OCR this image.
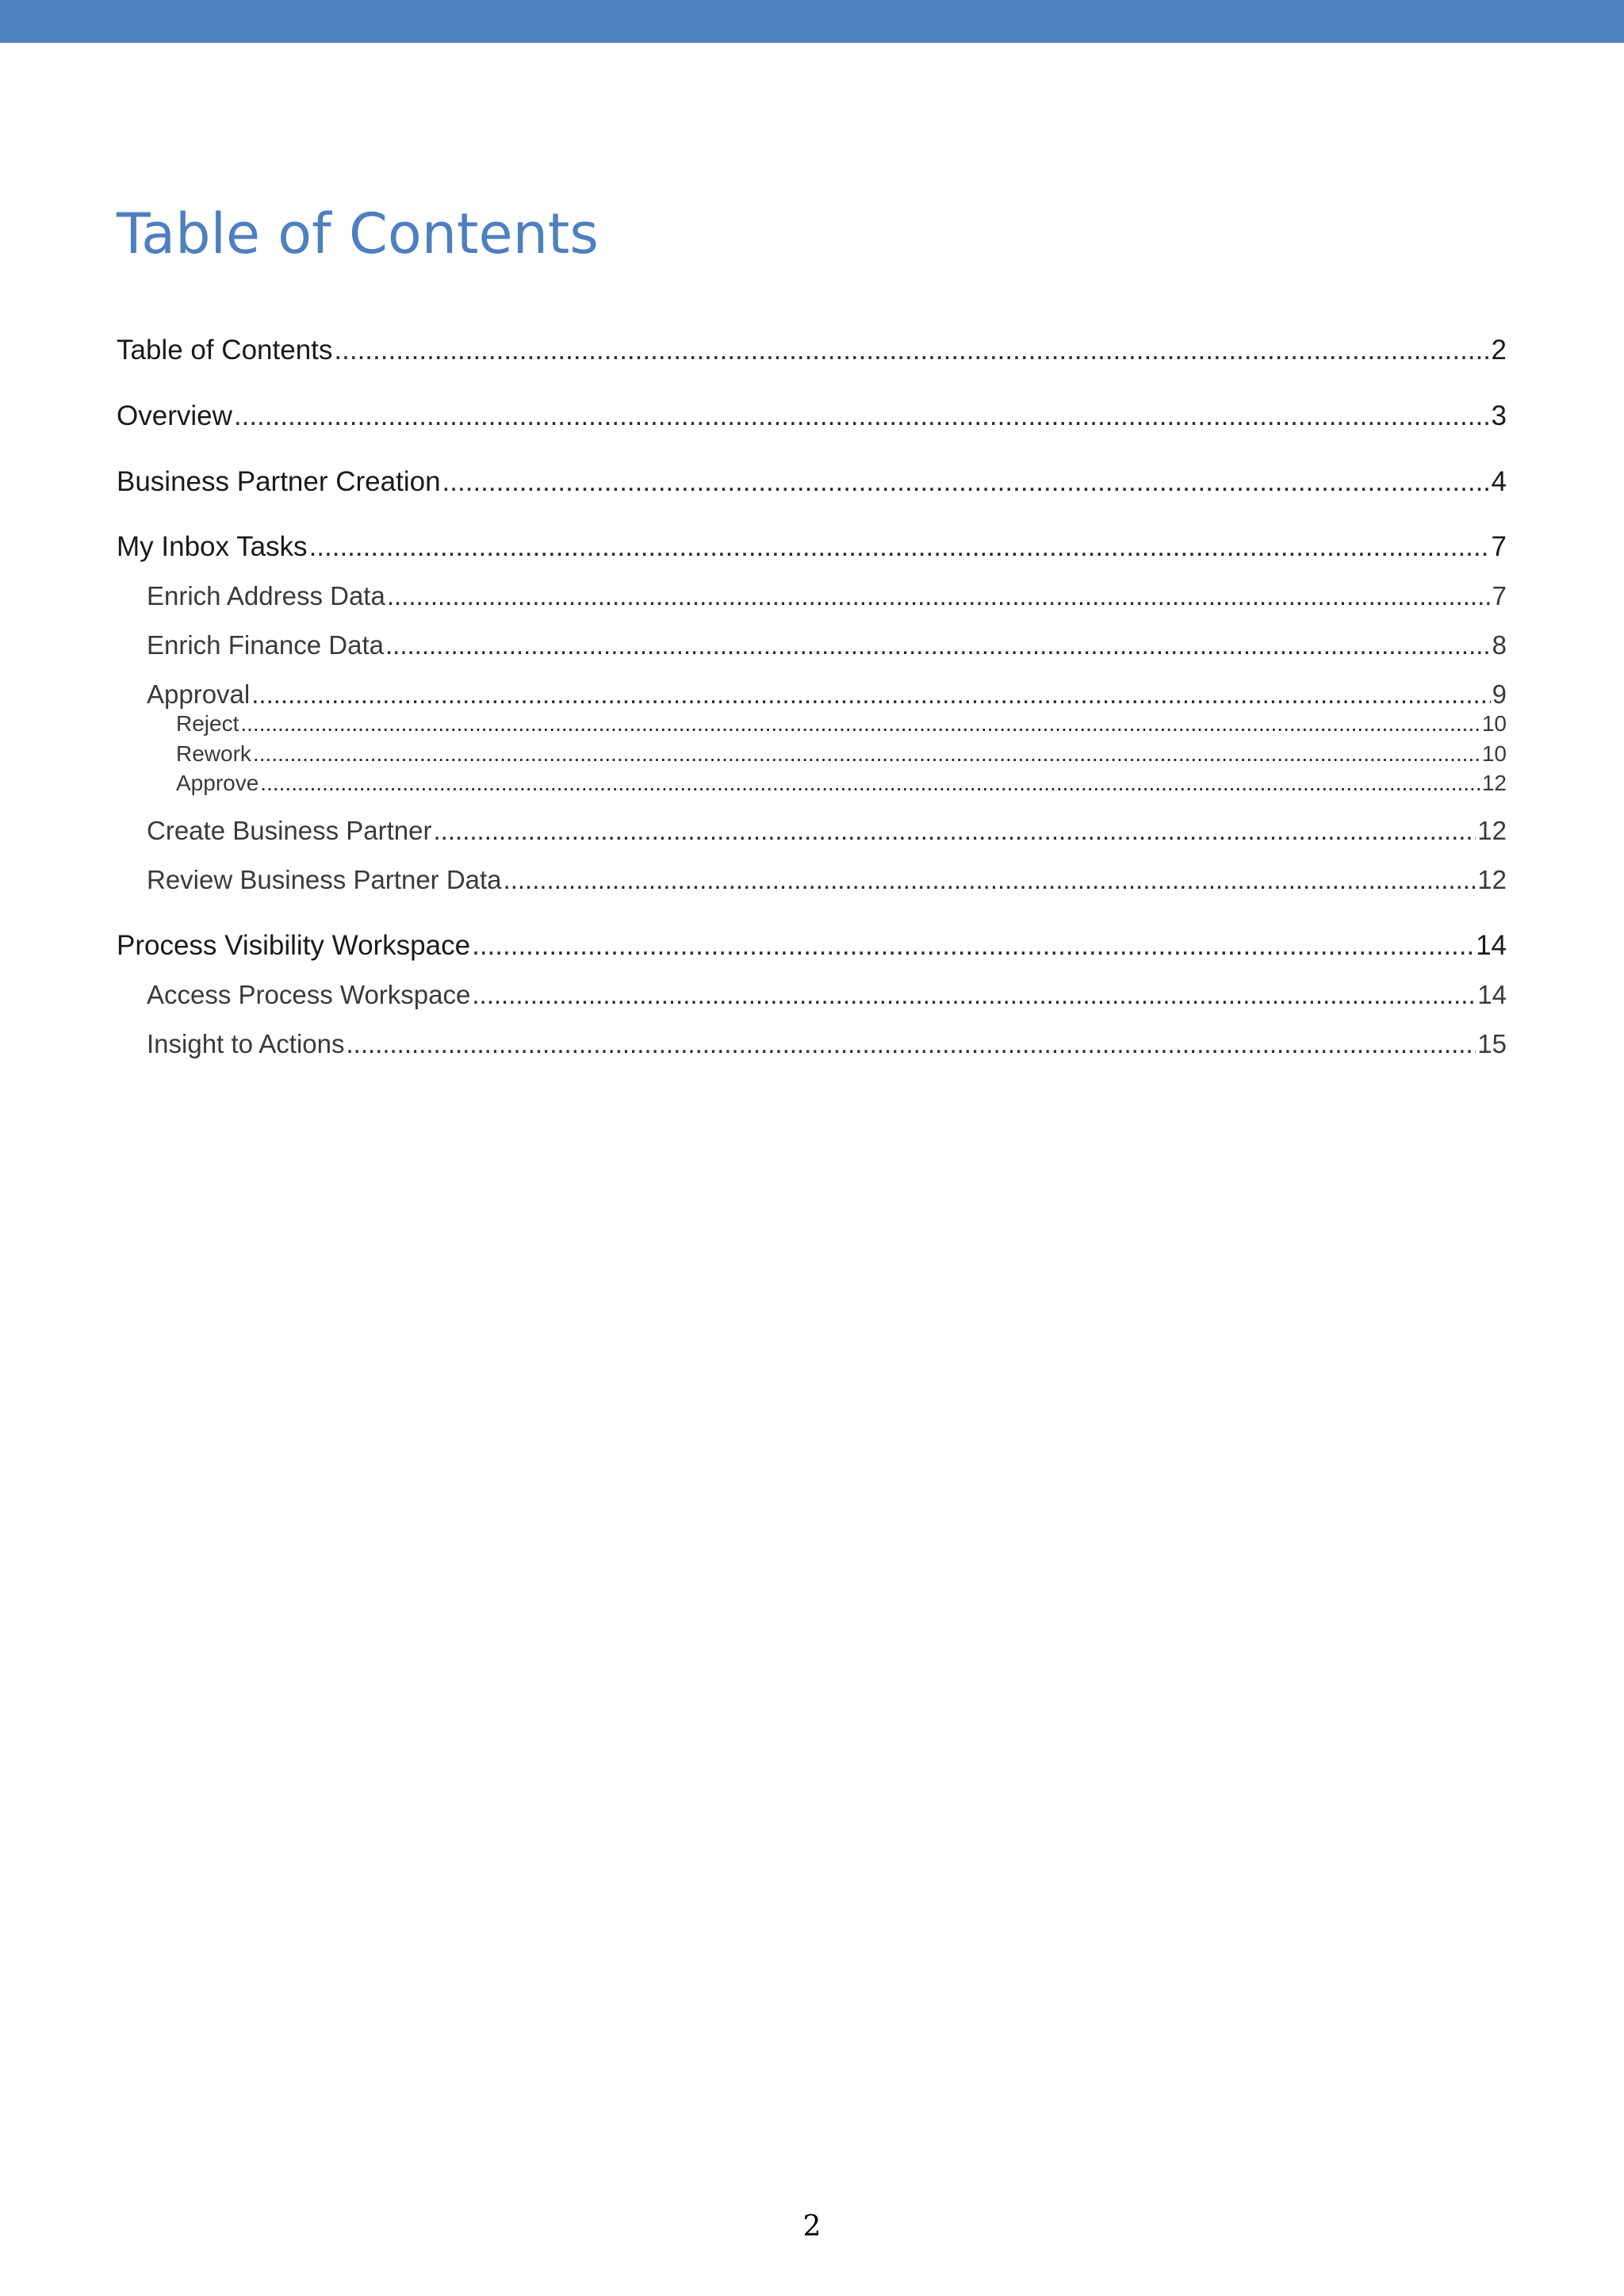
Table of Contents
Table of Contents .....	2
Overview .....	3
Business Partner Creation .....	4
My Inbox Tasks .....	7
Enrich Address Data .....	7
Enrich Finance Data .....	8
Approval .....	9
Reject .....	10
Rework .....	10
Approve .....	12
Create Business Partner .....	12
Review Business Partner Data .....	12
Process Visibility Workspace .....	14
Access Process Workspace .....	14
Insight to Actions .....	15
2
